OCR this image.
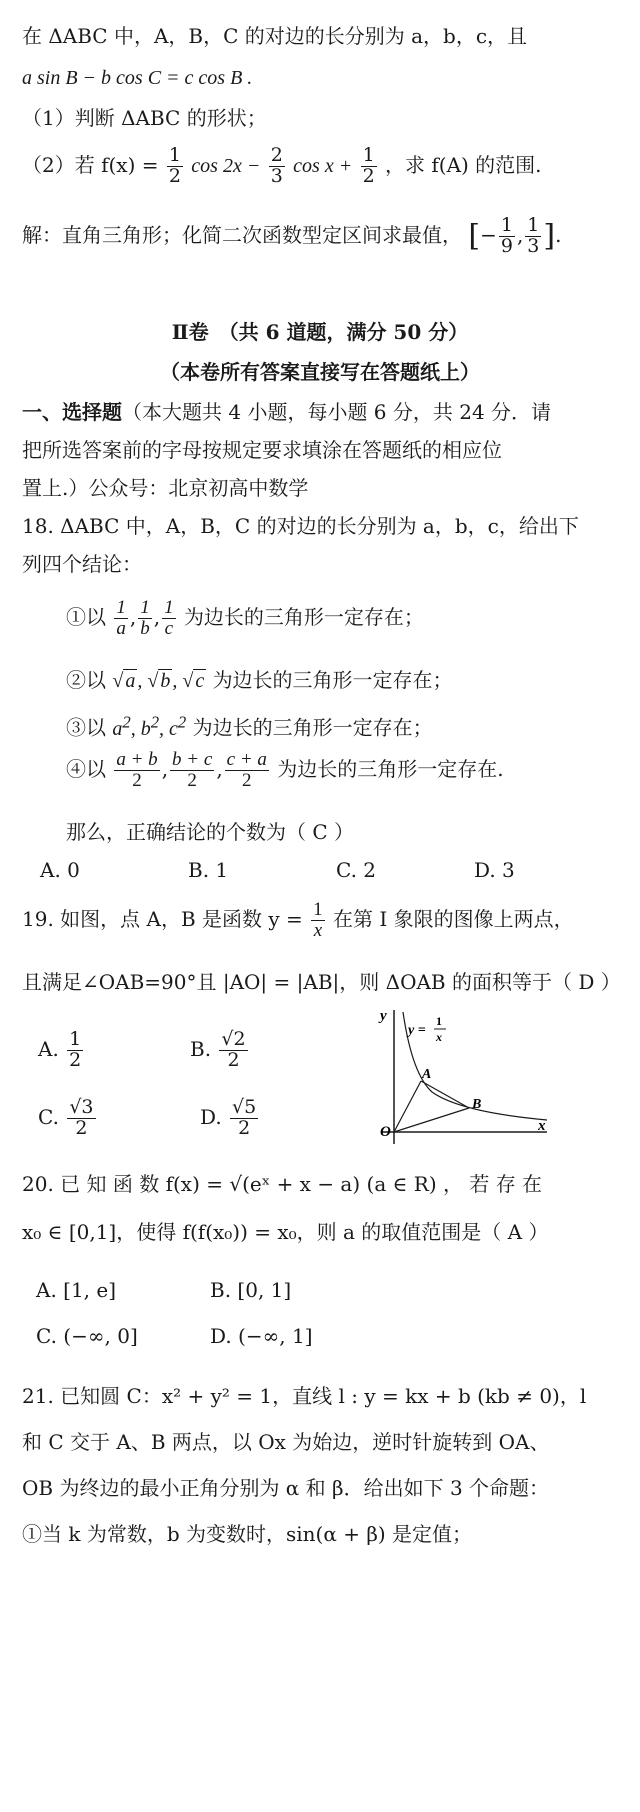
在 ΔABC 中，A，B，C 的对边的长分别为 a，b，c，且
a sin B − b cos C = c cos B .
（1）判断 ΔABC 的形状；
（2）若 $f(x) = \frac{1}{2}$ $\cos 2x - \frac{2}{3}$ $\cos x + \frac{1}{2}$ ，求 f(A) 的范围.
解：直角三角形；化简二次函数型定区间求最值， [− $\frac{1}{9}$ , $\frac{1}{3}$ ].
Ⅱ卷　（共 6 道题，满分 50 分）
（本卷所有答案直接写在答题纸上）
一、选择题（本大题共 4 小题，每小题 6 分，共 24 分．请
把所选答案前的字母按规定要求填涂在答题纸的相应位
置上.）公众号：北京初高中数学
18. ΔABC 中，A，B，C 的对边的长分别为 a，b，c，给出下
列四个结论：
①以 $\frac{1}{a}$ , $\frac{1}{b}$ , $\frac{1}{c}$ 为边长的三角形一定存在；
②以 √ a , √ b , √ c 为边长的三角形一定存在；
③以 $a^2$, $b^2$, $c^2$ 为边长的三角形一定存在；
④以 $\frac{a + b}{2}$ , $\frac{b + c}{2}$ , $\frac{c + a}{2}$ 为边长的三角形一定存在.
那么，正确结论的个数为（ C ）
A. 0	B. 1	C. 2	D. 3
19. 如图，点 A，B 是函数 $y = \frac{1}{x}$ 在第 I 象限的图像上两点，
且满足∠OAB=90°且 |AO| = |AB|，则 ΔOAB 的面积等于（ D ）
A. $\frac{1}{2}$	B. $\frac{√2}{2}$
C. $\frac{√3}{2}$	D. $\frac{√5}{2}$
y
x
O
y =
1
x
A
B
20. 已 知 函 数 f(x) = √(eˣ + x − a) (a ∈ R) ， 若 存 在
x₀ ∈ [0,1]，使得 f(f(x₀)) = x₀，则 a 的取值范围是（ A ）
A. [1, e]	B. [0, 1]
C. (−∞, 0]	D. (−∞, 1]
21. 已知圆 C：x² + y² = 1，直线 l : y = kx + b (kb ≠ 0)，l
和 C 交于 A、B 两点，以 Ox 为始边，逆时针旋转到 OA、
OB 为终边的最小正角分别为 α 和 β．给出如下 3 个命题：
①当 k 为常数，b 为变数时，sin(α + β) 是定值；
